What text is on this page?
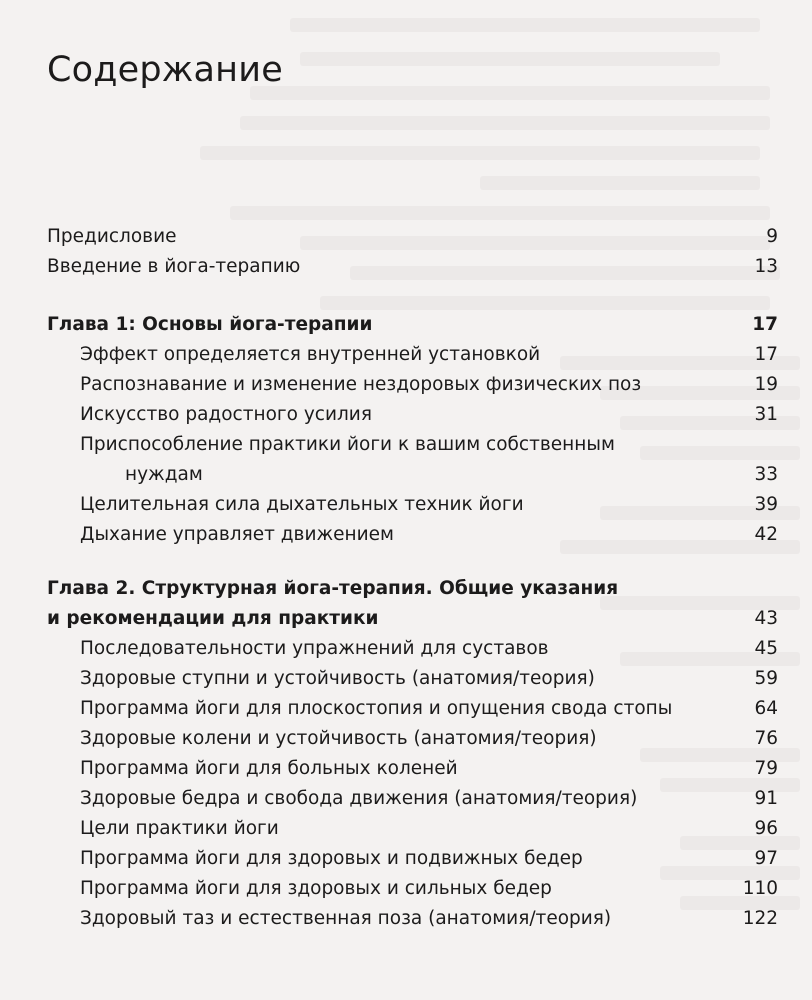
Содержание
Предисловие	9
Введение в йога-терапию	13
Глава 1: Основы йога-терапии	17
Эффект определяется внутренней установкой	17
Распознавание и изменение нездоровых физических поз	19
Искусство радостного усилия	31
Приспособление практики йоги к вашим собственным
нуждам	33
Целительная сила дыхательных техник йоги	39
Дыхание управляет движением	42
Глава 2. Структурная йога-терапия. Общие указания
и рекомендации для практики	43
Последовательности упражнений для суставов	45
Здоровые ступни и устойчивость (анатомия/теория)	59
Программа йоги для плоскостопия и опущения свода стопы	64
Здоровые колени и устойчивость (анатомия/теория)	76
Программа йоги для больных коленей	79
Здоровые бедра и свобода движения (анатомия/теория)	91
Цели практики йоги	96
Программа йоги для здоровых и подвижных бедер	97
Программа йоги для здоровых и сильных бедер	110
Здоровый таз и естественная поза (анатомия/теория)	122
